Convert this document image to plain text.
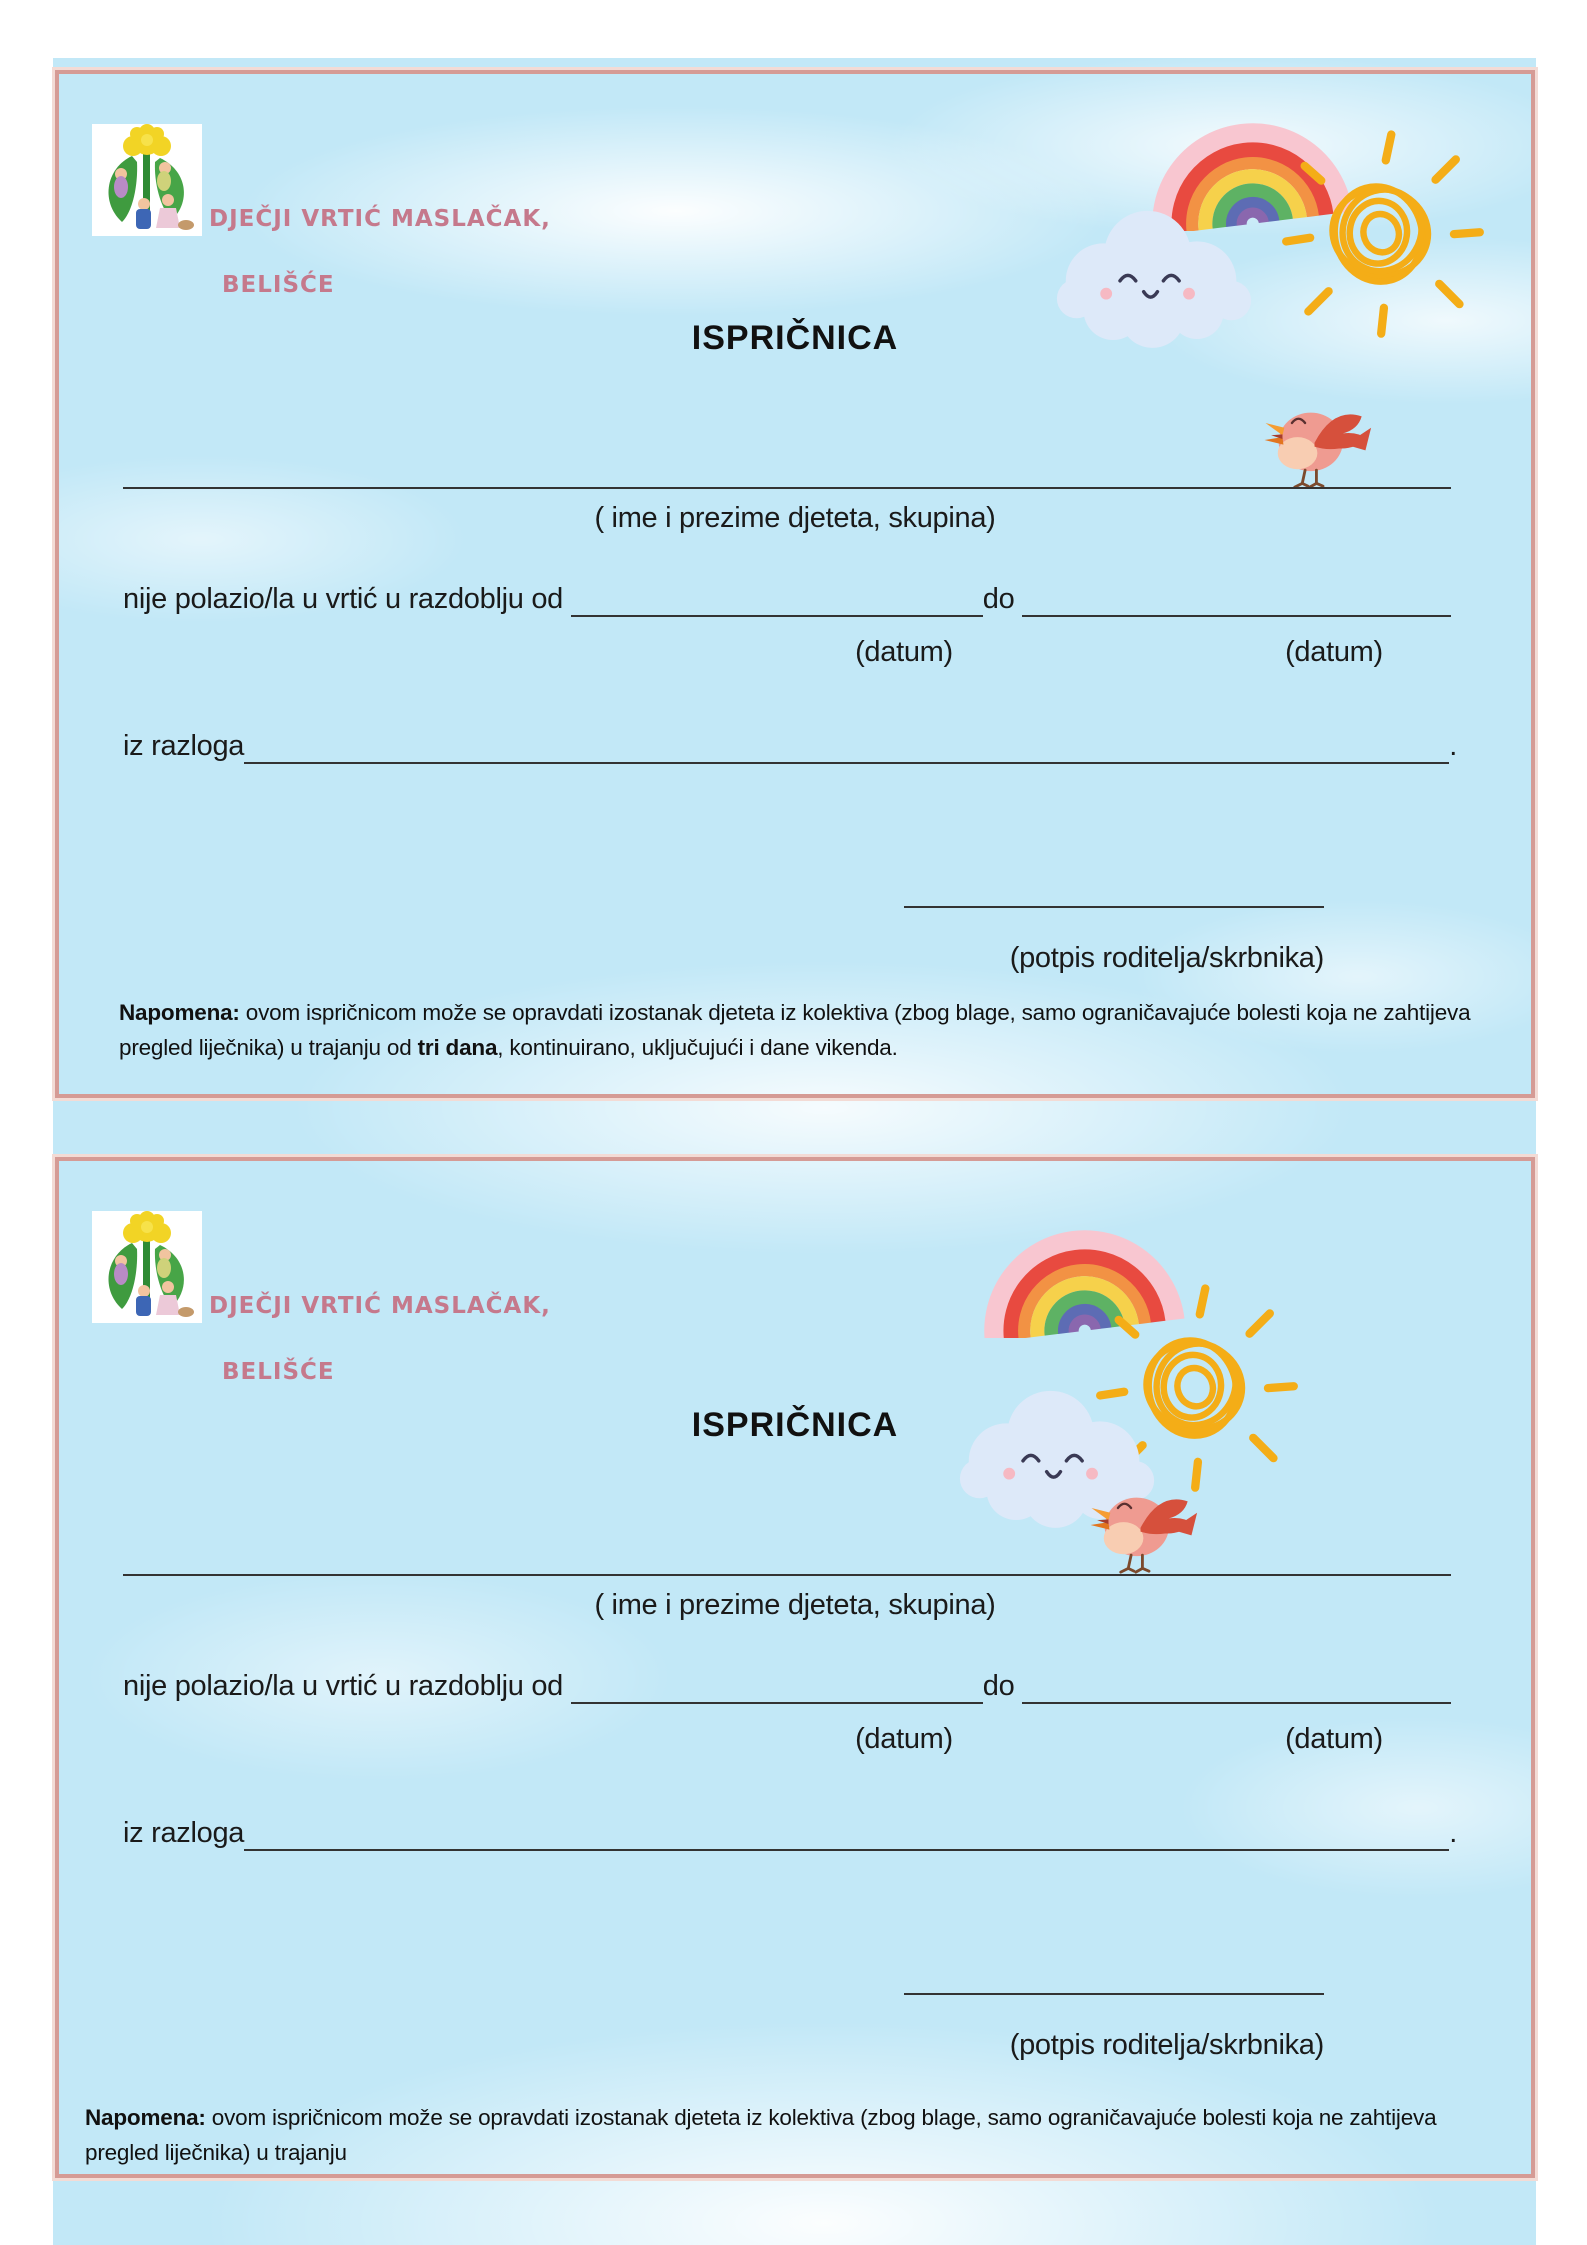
DJEČJI VRTIĆ MASLAČAK,
BELIŠĆE
ISPRIČNICA
( ime i prezime djeteta, skupina)
nije polazio/la u vrtić u razdoblju od	do
(datum)	(datum)
iz razloga	.
(potpis roditelja/skrbnika)

Napomena: ovom ispričnicom može se opravdati izostanak djeteta iz kolektiva (zbog blage, samo ograničavajuće bolesti koja ne zahtijeva pregled liječnika) u trajanju od tri dana, kontinuirano, uključujući i dane vikenda.

DJEČJI VRTIĆ MASLAČAK,
BELIŠĆE
ISPRIČNICA
( ime i prezime djeteta, skupina)
nije polazio/la u vrtić u razdoblju od	do
(datum)	(datum)
iz razloga	.
(potpis roditelja/skrbnika)

Napomena: ovom ispričnicom može se opravdati izostanak djeteta iz kolektiva (zbog blage, samo ograničavajuće bolesti koja ne zahtijeva pregled liječnika) u trajanju
